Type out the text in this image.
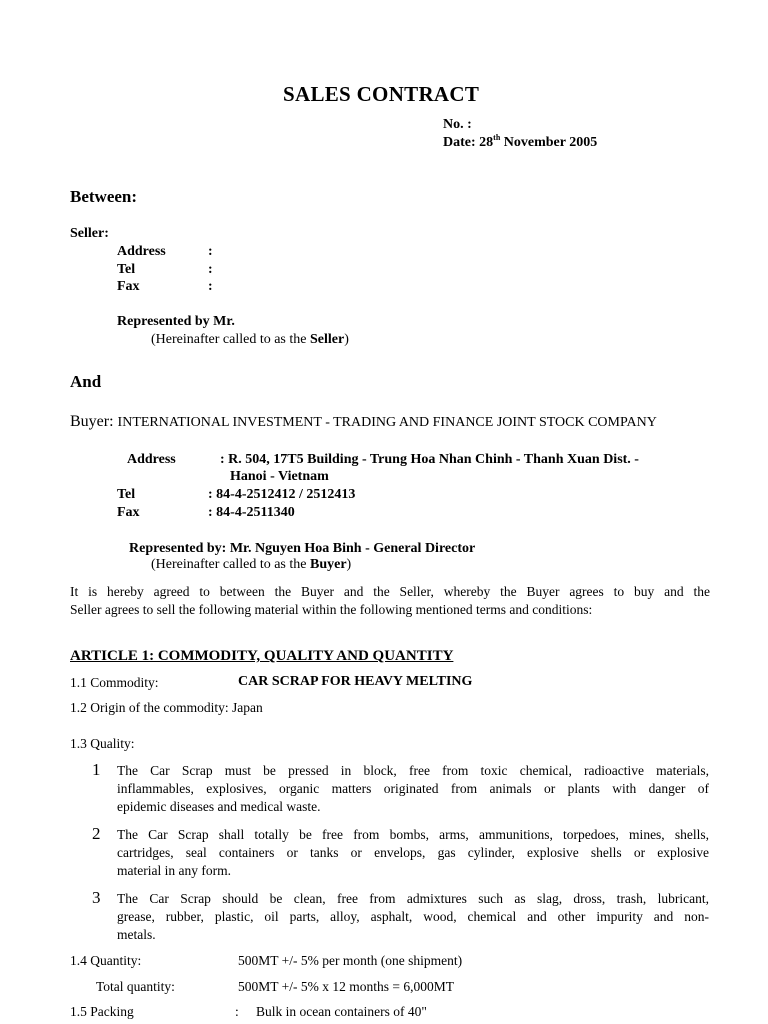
SALES CONTRACT
No. :
Date: 28th November 2005
Between:
Seller:
Address	:
Tel	:
Fax	:
Represented by Mr.
(Hereinafter called to as the Seller)
And
Buyer: INTERNATIONAL INVESTMENT - TRADING AND FINANCE JOINT STOCK COMPANY
Address	: R. 504, 17T5 Building - Trung Hoa Nhan Chinh - Thanh Xuan Dist. -
Hanoi - Vietnam
Tel	: 84-4-2512412 / 2512413
Fax	: 84-4-2511340
Represented by: Mr. Nguyen Hoa Binh - General Director
(Hereinafter called to as the Buyer)
It is hereby agreed to between the Buyer and the Seller, whereby the Buyer agrees to buy and the
Seller agrees to sell the following material within the following mentioned terms and conditions:
ARTICLE 1: COMMODITY, QUALITY AND QUANTITY
1.1 Commodity:	CAR SCRAP FOR HEAVY MELTING
1.2 Origin of the commodity: Japan
1.3 Quality:
1 The Car Scrap must be pressed in block, free from toxic chemical, radioactive materials,
inflammables, explosives, organic matters originated from animals or plants with danger of
epidemic diseases and medical waste.
2 The Car Scrap shall totally be free from bombs, arms, ammunitions, torpedoes, mines, shells,
cartridges, seal containers or tanks or envelops, gas cylinder, explosive shells or explosive
material in any form.
3 The Car Scrap should be clean, free from admixtures such as slag, dross, trash, lubricant,
grease, rubber, plastic, oil parts, alloy, asphalt, wood, chemical and other impurity and non-
metals.
1.4 Quantity:	500MT +/- 5% per month (one shipment)
Total quantity:	500MT +/- 5% x 12 months = 6,000MT
1.5 Packing	: Bulk in ocean containers of 40"
